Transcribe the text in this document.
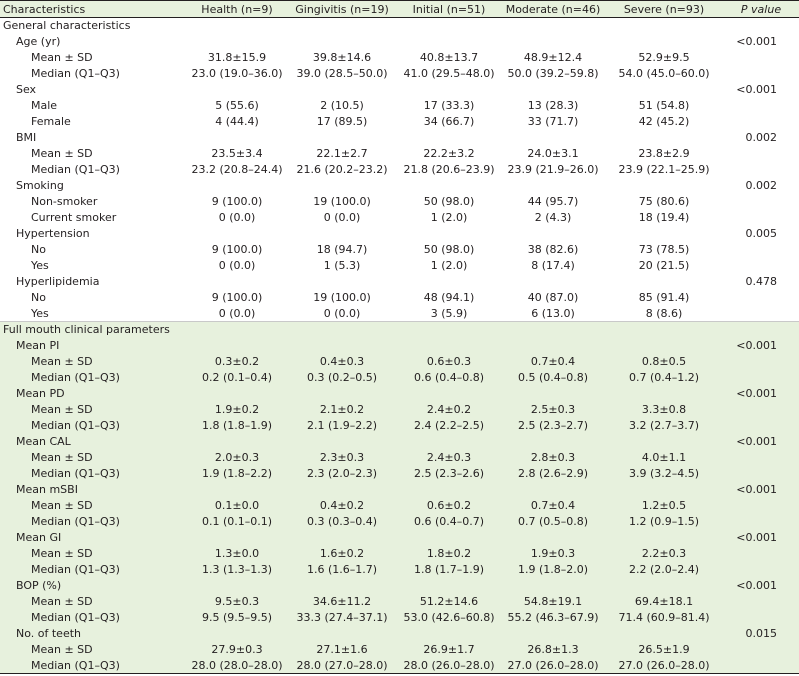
Characteristics	Health (n=9)	Gingivitis (n=19)	Initial (n=51)	Moderate (n=46)	Severe (n=93)	P value
General characteristics						
Age (yr)						<0.001
Mean ± SD	31.8±15.9	39.8±14.6	40.8±13.7	48.9±12.4	52.9±9.5	
Median (Q1–Q3)	23.0 (19.0–36.0)	39.0 (28.5–50.0)	41.0 (29.5–48.0)	50.0 (39.2–59.8)	54.0 (45.0–60.0)	
Sex						<0.001
Male	5 (55.6)	2 (10.5)	17 (33.3)	13 (28.3)	51 (54.8)	
Female	4 (44.4)	17 (89.5)	34 (66.7)	33 (71.7)	42 (45.2)	
BMI						0.002
Mean ± SD	23.5±3.4	22.1±2.7	22.2±3.2	24.0±3.1	23.8±2.9	
Median (Q1–Q3)	23.2 (20.8–24.4)	21.6 (20.2–23.2)	21.8 (20.6–23.9)	23.9 (21.9–26.0)	23.9 (22.1–25.9)	
Smoking						0.002
Non-smoker	9 (100.0)	19 (100.0)	50 (98.0)	44 (95.7)	75 (80.6)	
Current smoker	0 (0.0)	0 (0.0)	1 (2.0)	2 (4.3)	18 (19.4)	
Hypertension						0.005
No	9 (100.0)	18 (94.7)	50 (98.0)	38 (82.6)	73 (78.5)	
Yes	0 (0.0)	1 (5.3)	1 (2.0)	8 (17.4)	20 (21.5)	
Hyperlipidemia						0.478
No	9 (100.0)	19 (100.0)	48 (94.1)	40 (87.0)	85 (91.4)	
Yes	0 (0.0)	0 (0.0)	3 (5.9)	6 (13.0)	8 (8.6)	
Full mouth clinical parameters						
Mean PI						<0.001
Mean ± SD	0.3±0.2	0.4±0.3	0.6±0.3	0.7±0.4	0.8±0.5	
Median (Q1–Q3)	0.2 (0.1–0.4)	0.3 (0.2–0.5)	0.6 (0.4–0.8)	0.5 (0.4–0.8)	0.7 (0.4–1.2)	
Mean PD						<0.001
Mean ± SD	1.9±0.2	2.1±0.2	2.4±0.2	2.5±0.3	3.3±0.8	
Median (Q1–Q3)	1.8 (1.8–1.9)	2.1 (1.9–2.2)	2.4 (2.2–2.5)	2.5 (2.3–2.7)	3.2 (2.7–3.7)	
Mean CAL						<0.001
Mean ± SD	2.0±0.3	2.3±0.3	2.4±0.3	2.8±0.3	4.0±1.1	
Median (Q1–Q3)	1.9 (1.8–2.2)	2.3 (2.0–2.3)	2.5 (2.3–2.6)	2.8 (2.6–2.9)	3.9 (3.2–4.5)	
Mean mSBI						<0.001
Mean ± SD	0.1±0.0	0.4±0.2	0.6±0.2	0.7±0.4	1.2±0.5	
Median (Q1–Q3)	0.1 (0.1–0.1)	0.3 (0.3–0.4)	0.6 (0.4–0.7)	0.7 (0.5–0.8)	1.2 (0.9–1.5)	
Mean GI						<0.001
Mean ± SD	1.3±0.0	1.6±0.2	1.8±0.2	1.9±0.3	2.2±0.3	
Median (Q1–Q3)	1.3 (1.3–1.3)	1.6 (1.6–1.7)	1.8 (1.7–1.9)	1.9 (1.8–2.0)	2.2 (2.0–2.4)	
BOP (%)						<0.001
Mean ± SD	9.5±0.3	34.6±11.2	51.2±14.6	54.8±19.1	69.4±18.1	
Median (Q1–Q3)	9.5 (9.5–9.5)	33.3 (27.4–37.1)	53.0 (42.6–60.8)	55.2 (46.3–67.9)	71.4 (60.9–81.4)	
No. of teeth						0.015
Mean ± SD	27.9±0.3	27.1±1.6	26.9±1.7	26.8±1.3	26.5±1.9	
Median (Q1–Q3)	28.0 (28.0–28.0)	28.0 (27.0–28.0)	28.0 (26.0–28.0)	27.0 (26.0–28.0)	27.0 (26.0–28.0)	
